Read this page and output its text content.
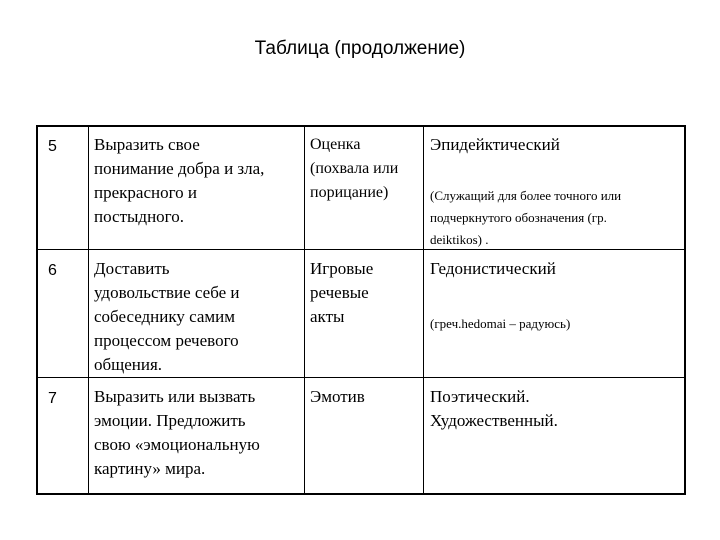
Таблица (продолжение)
5 Выразить свое
понимание добра и зла,
прекрасного и
постыдного.
Оценка
(похвала или
порицание)
Эпидейктический
(Служащий для более точного или
подчеркнутого обозначения (гр.
deiktikos) .
6 Доставить
удовольствие себе и
собеседнику самим
процессом речевого
общения.
Игровые
речевые
акты
Гедонистический
(греч.hedomai – радуюсь)
7 Выразить или вызвать
эмоции. Предложить
свою «эмоциональную
картину» мира.
Эмотив	Поэтический.
Художественный.
